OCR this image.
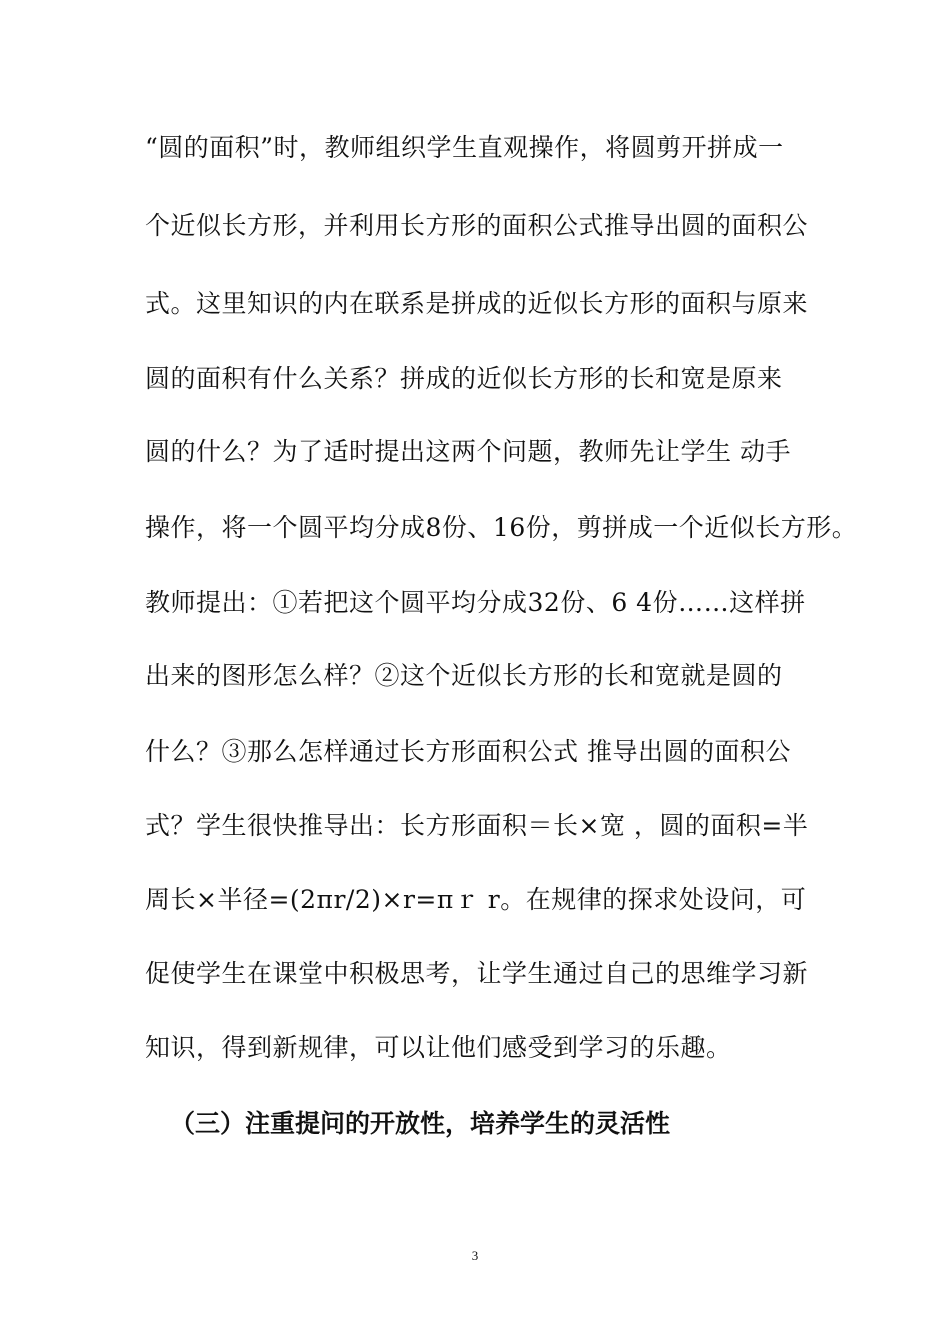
“圆的面积”时，教师组织学生直观操作，将圆剪开拼成一
个近似长方形，并利用长方形的面积公式推导出圆的面积公
式。这里知识的内在联系是拼成的近似长方形的面积与原来
圆的面积有什么关系？拼成的近似长方形的长和宽是原来
圆的什么？为了适时提出这两个问题，教师先让学生 动手
操作，将一个圆平均分成8份、16份，剪拼成一个近似长方形。
教师提出：①若把这个圆平均分成32份、6 4份……这样拼
出来的图形怎么样？②这个近似长方形的长和宽就是圆的
什么？③那么怎样通过长方形面积公式 推导出圆的面积公
式？学生很快推导出：长方形面积＝长×宽 ，圆的面积=半
周长×半径=(2πr/2)×r=πｒ r。在规律的探求处设问，可
促使学生在课堂中积极思考，让学生通过自己的思维学习新
知识，得到新规律，可以让他们感受到学习的乐趣。
（三）注重提问的开放性，培养学生的灵活性
3
